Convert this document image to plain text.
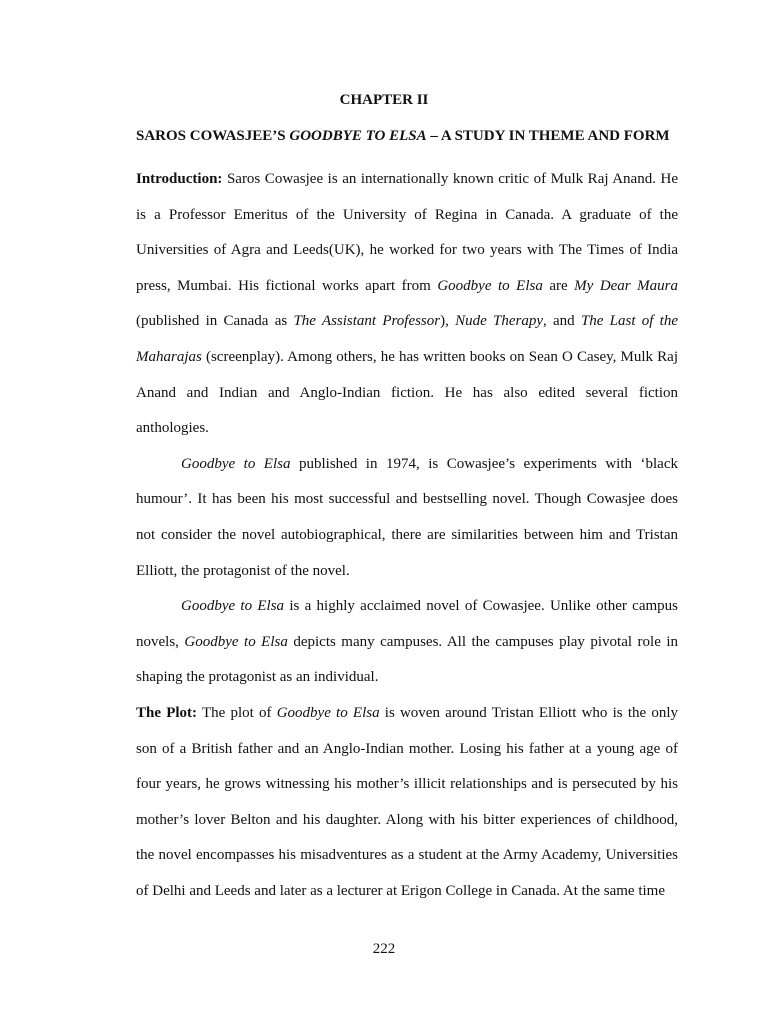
CHAPTER II
SAROS COWASJEE’S GOODBYE TO ELSA – A STUDY IN THEME AND FORM

Introduction: Saros Cowasjee is an internationally known critic of Mulk Raj Anand. He is a Professor Emeritus of the University of Regina in Canada. A graduate of the Universities of Agra and Leeds(UK), he worked for two years with The Times of India press, Mumbai. His fictional works apart from Goodbye to Elsa are My Dear Maura (published in Canada as The Assistant Professor), Nude Therapy, and The Last of the Maharajas (screenplay). Among others, he has written books on Sean O Casey, Mulk Raj Anand and Indian and Anglo-Indian fiction. He has also edited several fiction anthologies.

Goodbye to Elsa published in 1974, is Cowasjee’s experiments with ‘black humour’. It has been his most successful and bestselling novel. Though Cowasjee does not consider the novel autobiographical, there are similarities between him and Tristan Elliott, the protagonist of the novel.

Goodbye to Elsa is a highly acclaimed novel of Cowasjee. Unlike other campus novels, Goodbye to Elsa depicts many campuses. All the campuses play pivotal role in shaping the protagonist as an individual.

The Plot: The plot of Goodbye to Elsa is woven around Tristan Elliott who is the only son of a British father and an Anglo-Indian mother. Losing his father at a young age of four years, he grows witnessing his mother’s illicit relationships and is persecuted by his mother’s lover Belton and his daughter. Along with his bitter experiences of childhood, the novel encompasses his misadventures as a student at the Army Academy, Universities of Delhi and Leeds and later as a lecturer at Erigon College in Canada. At the same time

222
